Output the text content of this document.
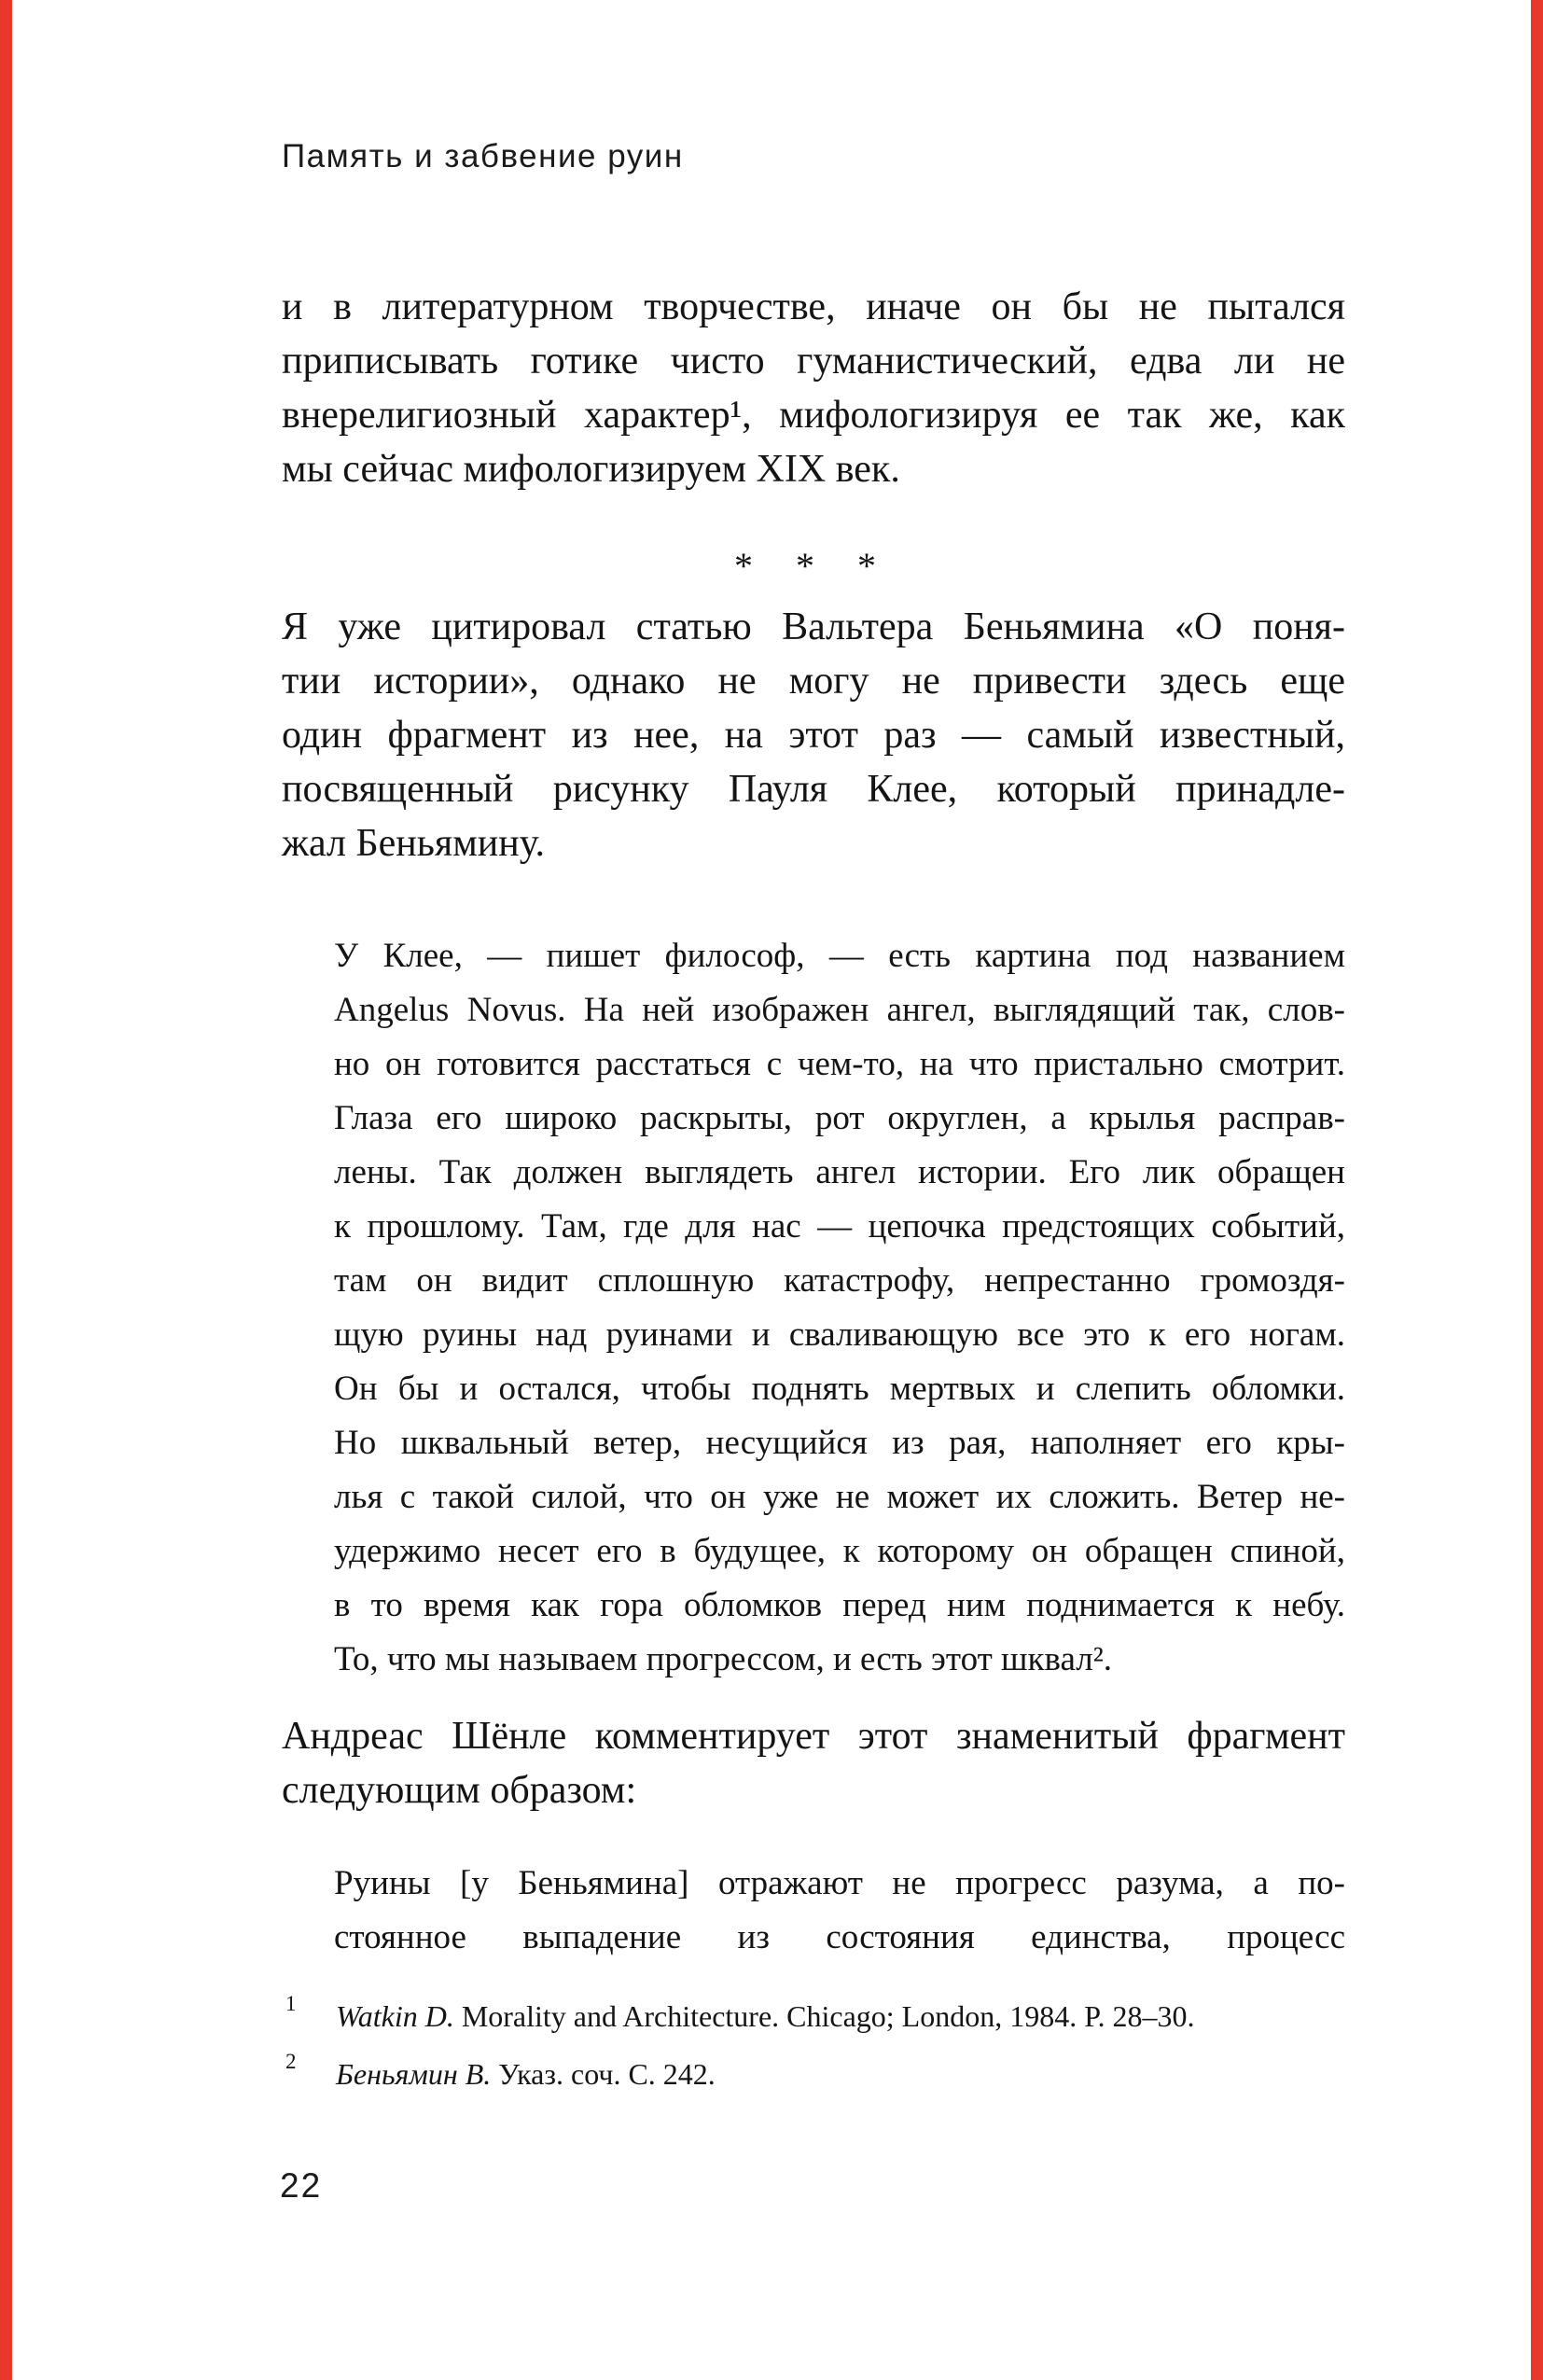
Память и забвение руин
и в литературном творчестве, иначе он бы не пытался
приписывать готике чисто гуманистический, едва ли не
внерелигиозный характер¹, мифологизируя ее так же, как
мы сейчас мифологизируем XIX век.
* * *
Я уже цитировал статью Вальтера Беньямина «О поня-
тии истории», однако не могу не привести здесь еще
один фрагмент из нее, на этот раз — самый известный,
посвященный рисунку Пауля Клее, который принадле-
жал Беньямину.
У Клее, — пишет философ, — есть картина под названием
Angelus Novus. На ней изображен ангел, выглядящий так, слов-
но он готовится расстаться с чем-то, на что пристально смотрит.
Глаза его широко раскрыты, рот округлен, а крылья расправ-
лены. Так должен выглядеть ангел истории. Его лик обращен
к прошлому. Там, где для нас — цепочка предстоящих событий,
там он видит сплошную катастрофу, непрестанно громоздя-
щую руины над руинами и сваливающую все это к его ногам.
Он бы и остался, чтобы поднять мертвых и слепить обломки.
Но шквальный ветер, несущийся из рая, наполняет его кры-
лья с такой силой, что он уже не может их сложить. Ветер не-
удержимо несет его в будущее, к которому он обращен спиной,
в то время как гора обломков перед ним поднимается к небу.
То, что мы называем прогрессом, и есть этот шквал².
Андреас Шёнле комментирует этот знаменитый фрагмент
следующим образом:
Руины [у Беньямина] отражают не прогресс разума, а по-
стоянное выпадение из состояния единства, процесс
1 Watkin D. Morality and Architecture. Chicago; London, 1984. P. 28–30.
2 Беньямин В. Указ. соч. С. 242.
22
